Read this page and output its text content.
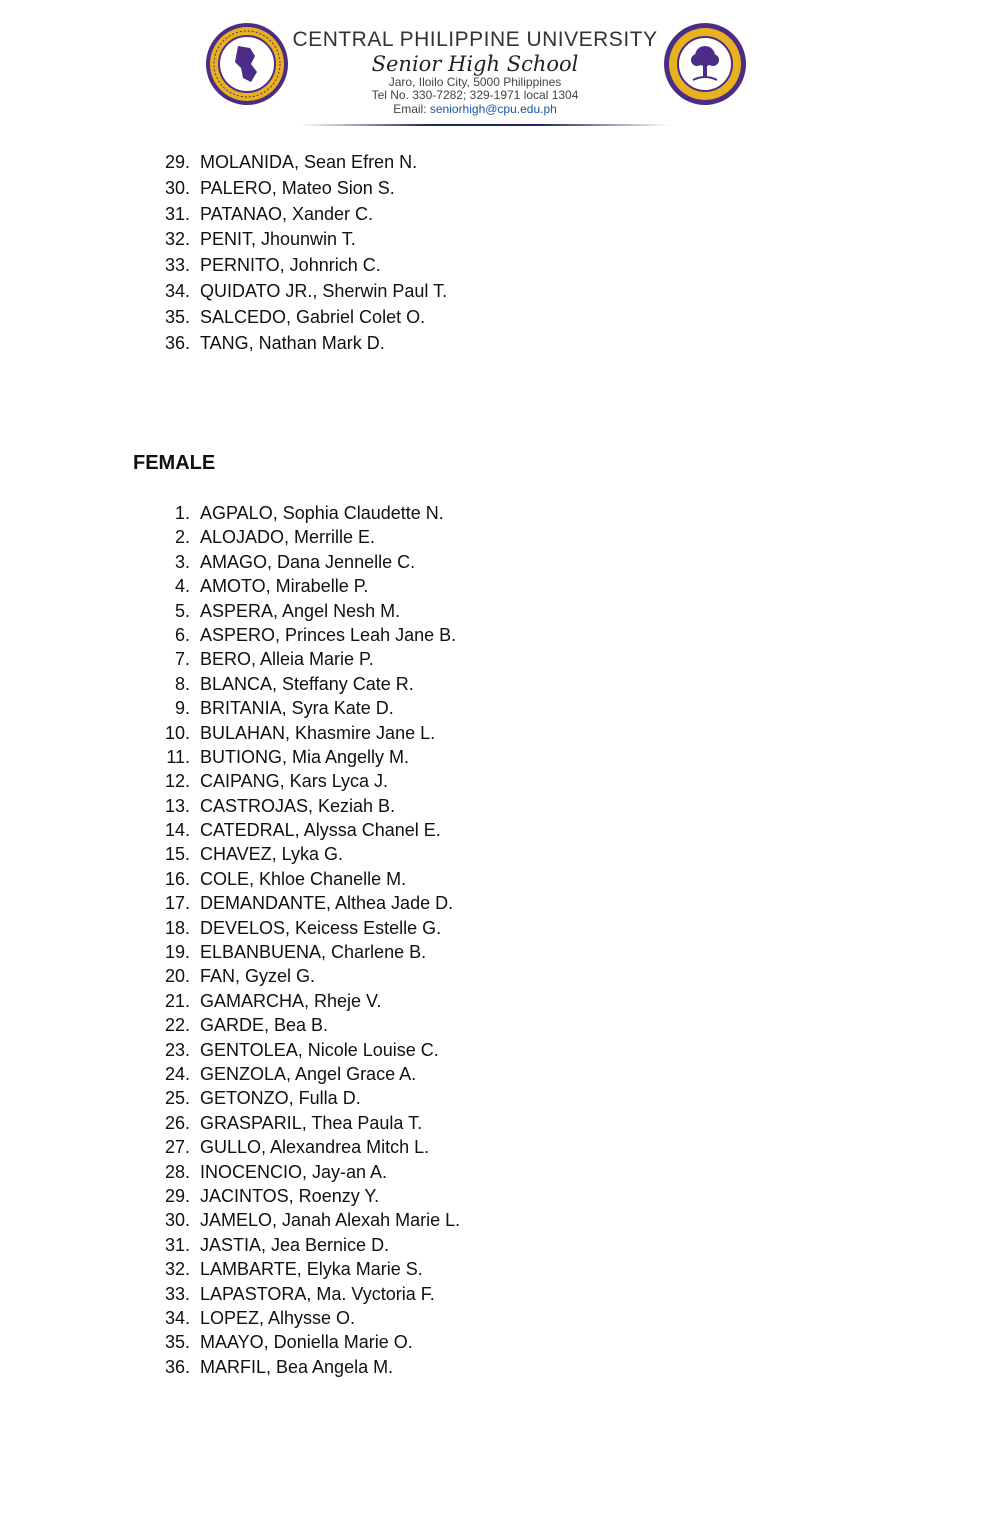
CENTRAL PHILIPPINE UNIVERSITY
Senior High School
Jaro, Iloilo City, 5000 Philippines
Tel No. 330-7282; 329-1971 local 1304
Email: seniorhigh@cpu.edu.ph
29. MOLANIDA, Sean Efren N.
30. PALERO, Mateo Sion S.
31. PATANAO, Xander C.
32. PENIT, Jhounwin T.
33. PERNITO, Johnrich C.
34. QUIDATO JR., Sherwin Paul T.
35. SALCEDO, Gabriel Colet O.
36. TANG, Nathan Mark D.
FEMALE
1. AGPALO, Sophia Claudette N.
2. ALOJADO, Merrille E.
3. AMAGO, Dana Jennelle C.
4. AMOTO, Mirabelle P.
5. ASPERA, Angel Nesh M.
6. ASPERO, Princes Leah Jane B.
7. BERO, Alleia Marie P.
8. BLANCA, Steffany Cate R.
9. BRITANIA, Syra Kate D.
10. BULAHAN, Khasmire Jane L.
11. BUTIONG, Mia Angelly M.
12. CAIPANG, Kars Lyca J.
13. CASTROJAS, Keziah B.
14. CATEDRAL, Alyssa Chanel E.
15. CHAVEZ, Lyka G.
16. COLE, Khloe Chanelle M.
17. DEMANDANTE, Althea Jade D.
18. DEVELOS, Keicess Estelle G.
19. ELBANBUENA, Charlene B.
20. FAN, Gyzel G.
21. GAMARCHA, Rheje V.
22. GARDE, Bea B.
23. GENTOLEA, Nicole Louise C.
24. GENZOLA, Angel Grace A.
25. GETONZO, Fulla D.
26. GRASPARIL, Thea Paula T.
27. GULLO, Alexandrea Mitch L.
28. INOCENCIO, Jay-an A.
29. JACINTOS, Roenzy Y.
30. JAMELO, Janah Alexah Marie L.
31. JASTIA, Jea Bernice D.
32. LAMBARTE, Elyka Marie S.
33. LAPASTORA, Ma. Vyctoria F.
34. LOPEZ, Alhysse O.
35. MAAYO, Doniella Marie O.
36. MARFIL, Bea Angela M.
